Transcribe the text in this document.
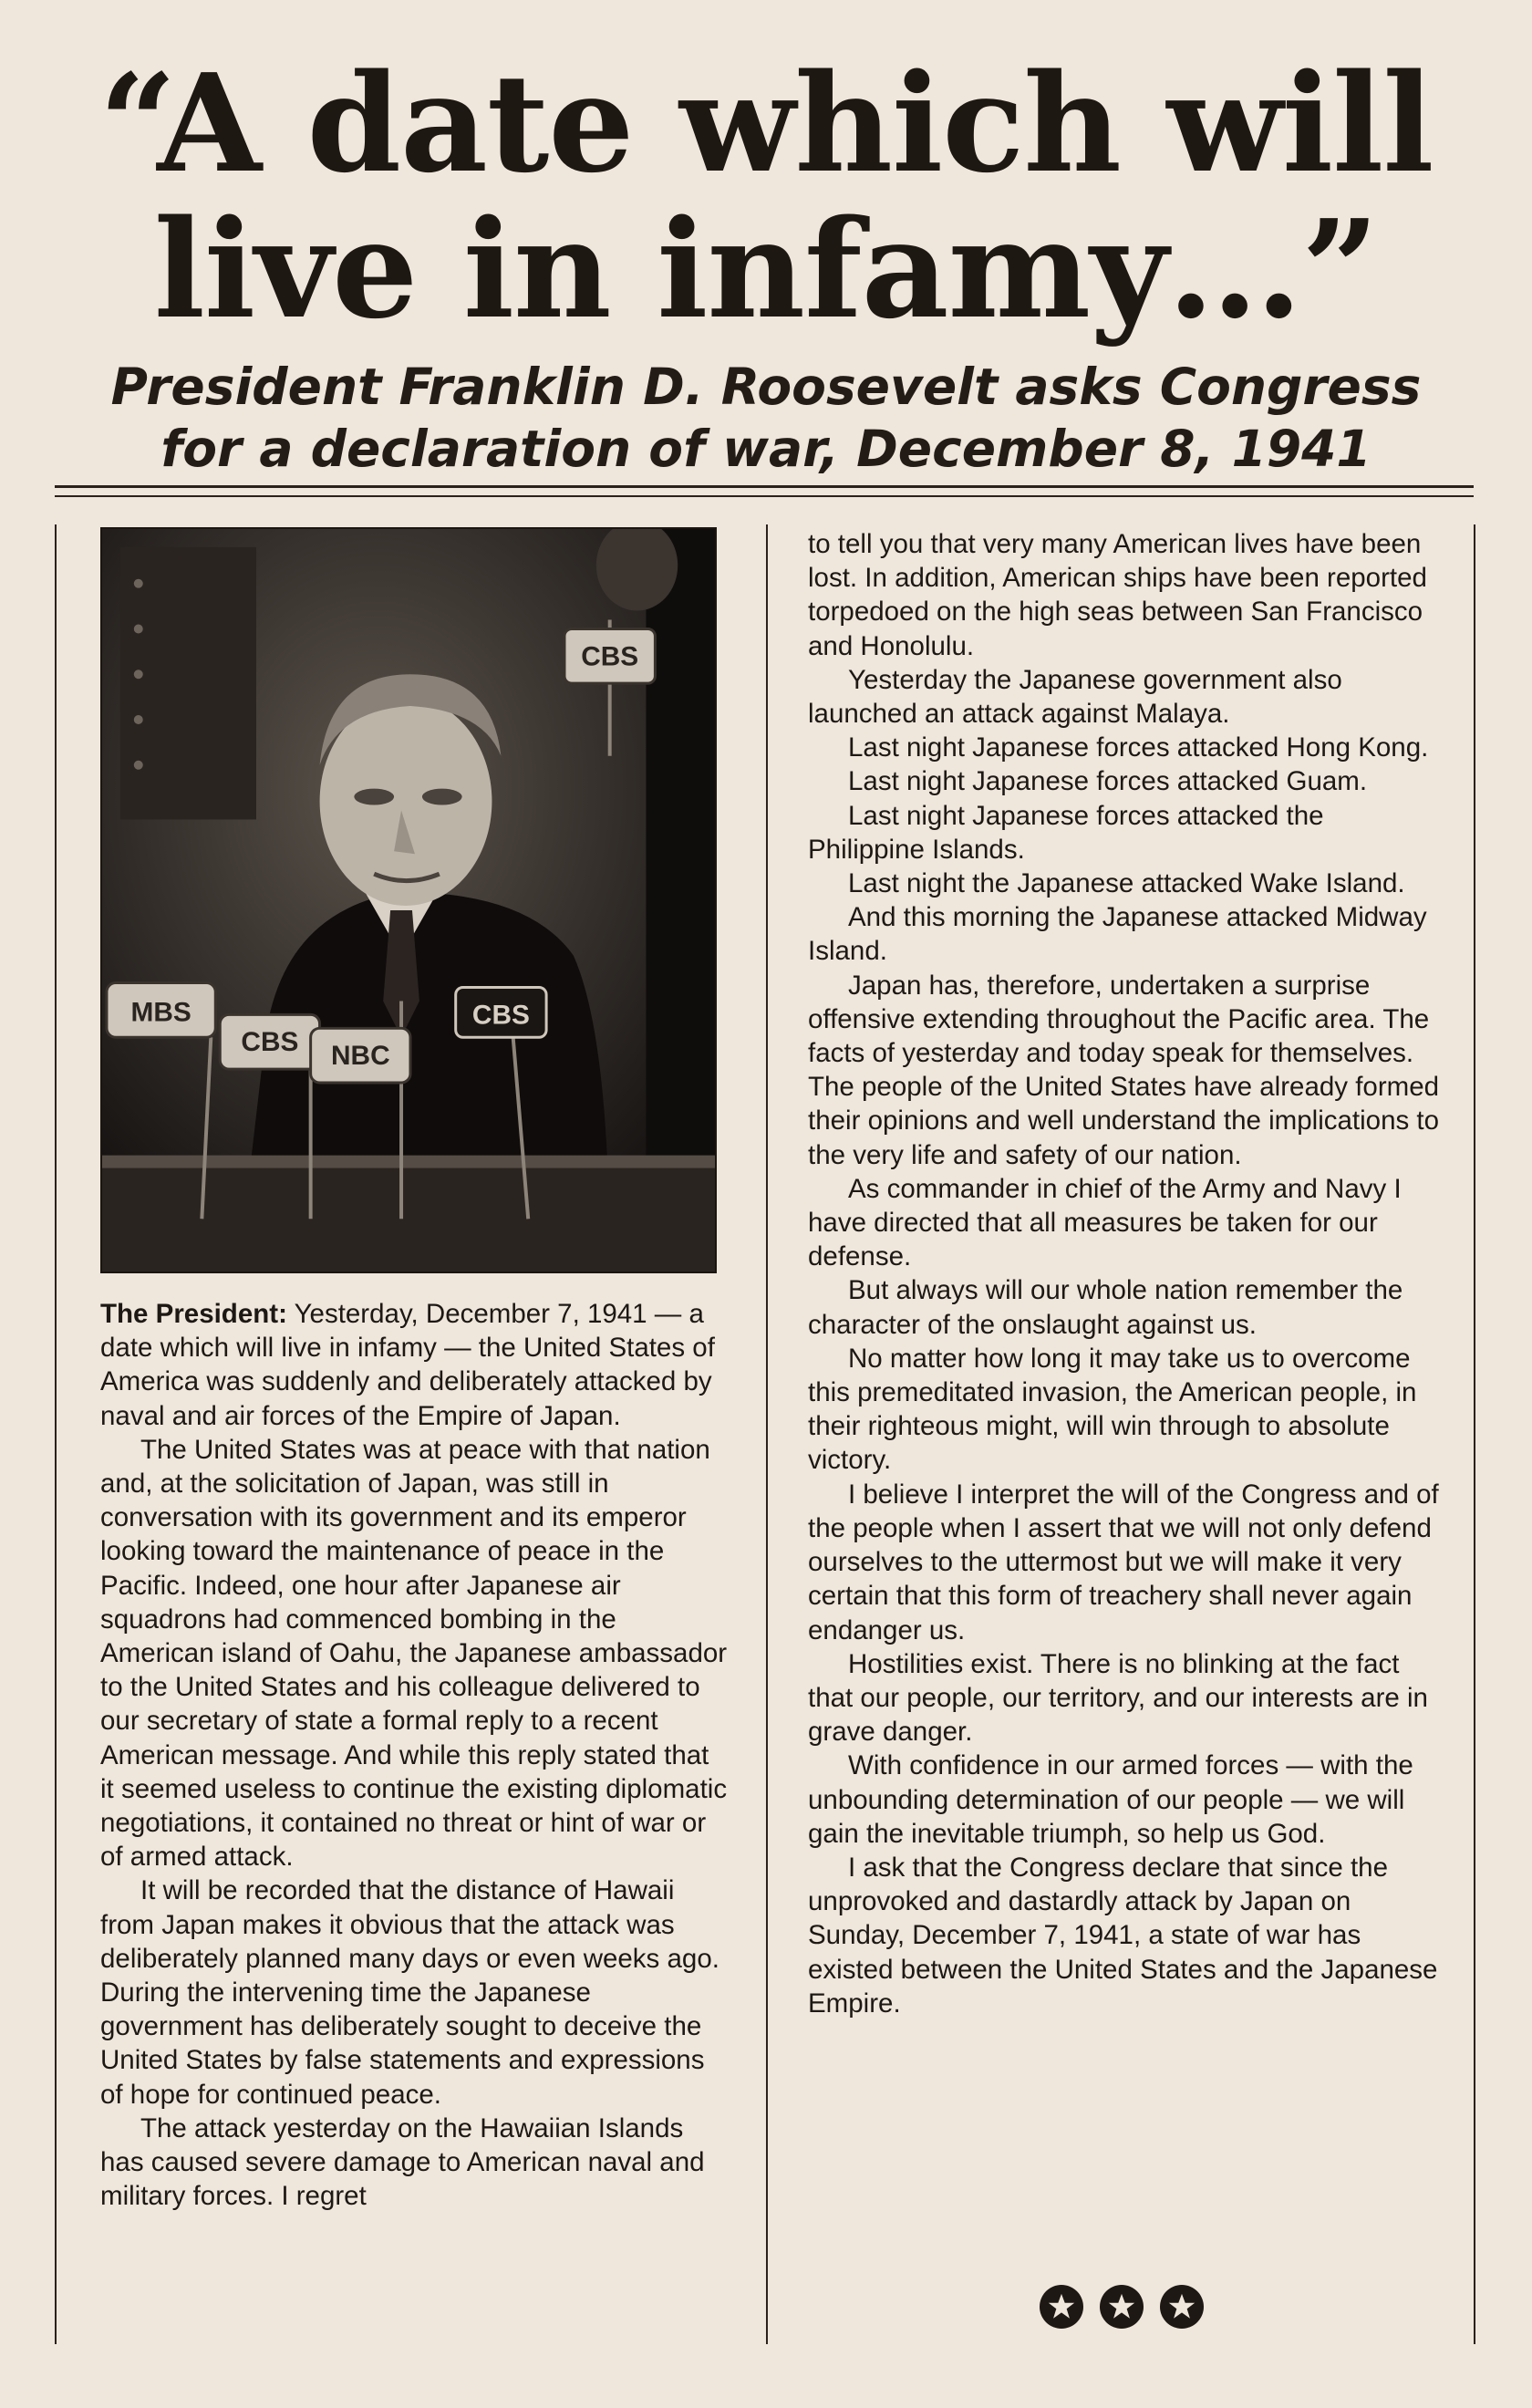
“A date which will
live in infamy…”
President Franklin D. Roosevelt asks Congress
for a declaration of war, December 8, 1941
CBS
MBS
CBS NBC
CBS

The President: Yesterday, December 7, 1941 — a date which will live in infamy — the United States of America was suddenly and deliberately attacked by naval and air forces of the Empire of Japan.

The United States was at peace with that nation and, at the solicitation of Japan, was still in conversation with its government and its emperor looking toward the maintenance of peace in the Pacific. Indeed, one hour after Japanese air squadrons had commenced bombing in the American island of Oahu, the Japanese ambassador to the United States and his colleague delivered to our secretary of state a formal reply to a recent American message. And while this reply stated that it seemed useless to continue the existing diplomatic negotiations, it contained no threat or hint of war or of armed attack.

It will be recorded that the distance of Hawaii from Japan makes it obvious that the attack was deliberately planned many days or even weeks ago. During the intervening time the Japanese government has deliberately sought to deceive the United States by false statements and expressions of hope for continued peace.

The attack yesterday on the Hawaiian Islands has caused severe damage to American naval and military forces. I regret

to tell you that very many American lives have been lost. In addition, American ships have been reported torpedoed on the high seas between San Francisco and Honolulu.

Yesterday the Japanese government also launched an attack against Malaya.

Last night Japanese forces attacked Hong Kong.

Last night Japanese forces attacked Guam.

Last night Japanese forces attacked the Philippine Islands.

Last night the Japanese attacked Wake Island.

And this morning the Japanese attacked Midway Island.

Japan has, therefore, undertaken a surprise offensive extending throughout the Pacific area. The facts of yesterday and today speak for themselves. The people of the United States have already formed their opinions and well understand the implications to the very life and safety of our nation.

As commander in chief of the Army and Navy I have directed that all measures be taken for our defense.

But always will our whole nation remember the character of the onslaught against us.

No matter how long it may take us to overcome this premeditated invasion, the American people, in their righteous might, will win through to absolute victory.

I believe I interpret the will of the Congress and of the people when I assert that we will not only defend ourselves to the uttermost but we will make it very certain that this form of treachery shall never again endanger us.

Hostilities exist. There is no blinking at the fact that our people, our territory, and our interests are in grave danger.

With confidence in our armed forces — with the unbounding determination of our people — we will gain the inevitable triumph, so help us God.

I ask that the Congress declare that since the unprovoked and dastardly attack by Japan on Sunday, December 7, 1941, a state of war has existed between the United States and the Japanese Empire.
